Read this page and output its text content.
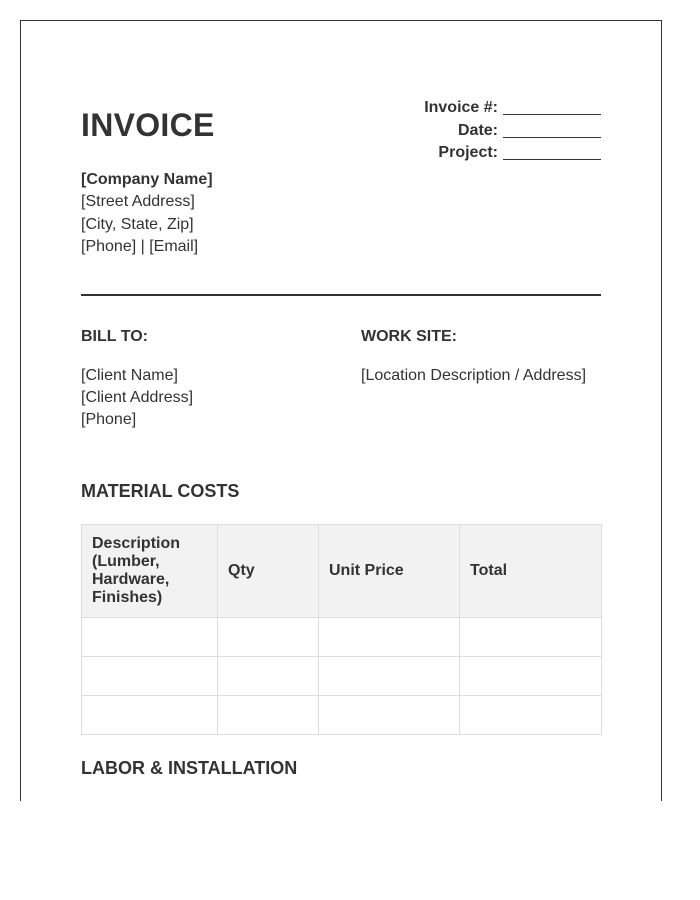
INVOICE	Invoice #:
Date:
Project:
[Company Name]
[Street Address]
[City, State, Zip]
[Phone] | [Email]
BILL TO:	WORK SITE:
[Client Name]
[Client Address]
[Phone]
[Location Description / Address]
MATERIAL COSTS
Description (Lumber, Hardware, Finishes)	Qty	Unit Price	Total

LABOR & INSTALLATION
